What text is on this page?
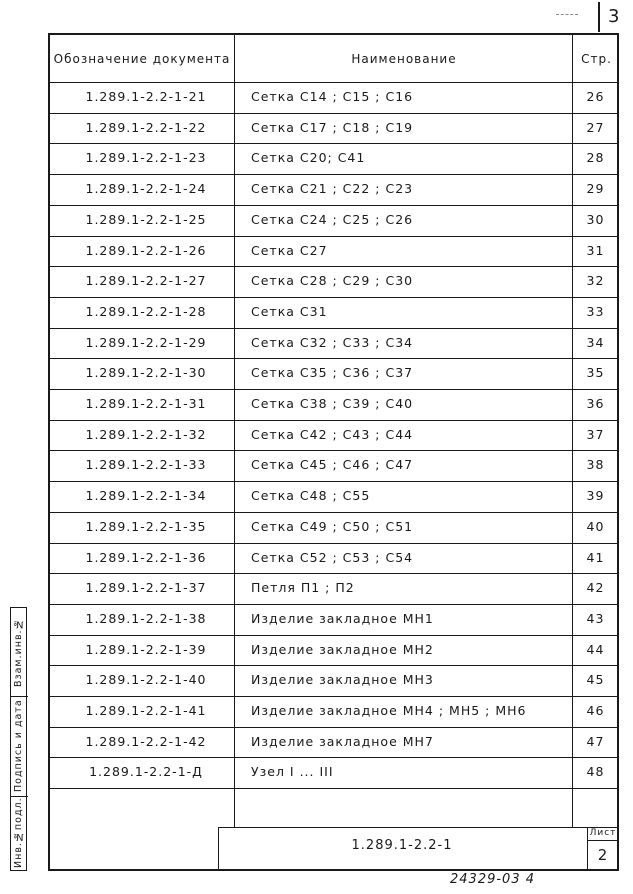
3
Обозначение документа	Наименование	Стр.
1.289.1-2.2-1-21	Сетка С14 ; С15 ; С16	26
1.289.1-2.2-1-22	Сетка С17 ; С18 ; С19	27
1.289.1-2.2-1-23	Сетка С20; С41	28
1.289.1-2.2-1-24	Сетка С21 ; С22 ; С23	29
1.289.1-2.2-1-25	Сетка С24 ; С25 ; С26	30
1.289.1-2.2-1-26	Сетка С27	31
1.289.1-2.2-1-27	Сетка С28 ; С29 ; С30	32
1.289.1-2.2-1-28	Сетка С31	33
1.289.1-2.2-1-29	Сетка С32 ; С33 ; С34	34
1.289.1-2.2-1-30	Сетка С35 ; С36 ; С37	35
1.289.1-2.2-1-31	Сетка С38 ; С39 ; С40	36
1.289.1-2.2-1-32	Сетка С42 ; С43 ; С44	37
1.289.1-2.2-1-33	Сетка С45 ; С46 ; С47	38
1.289.1-2.2-1-34	Сетка С48 ; С55	39
1.289.1-2.2-1-35	Сетка С49 ; С50 ; С51	40
1.289.1-2.2-1-36	Сетка С52 ; С53 ; С54	41
1.289.1-2.2-1-37	Петля П1 ; П2	42
1.289.1-2.2-1-38	Изделие закладное МН1	43
1.289.1-2.2-1-39	Изделие закладное МН2	44
1.289.1-2.2-1-40	Изделие закладное МН3	45
1.289.1-2.2-1-41	Изделие закладное МН4 ; МН5 ; МН6	46
1.289.1-2.2-1-42	Изделие закладное МН7	47
1.289.1-2.2-1-Д	Узел I ... III	48
Взам.инв.№
Подпись и дата
Инв.№подл.	1.289.1-2.2-1
Лист
2
24329-03 4
